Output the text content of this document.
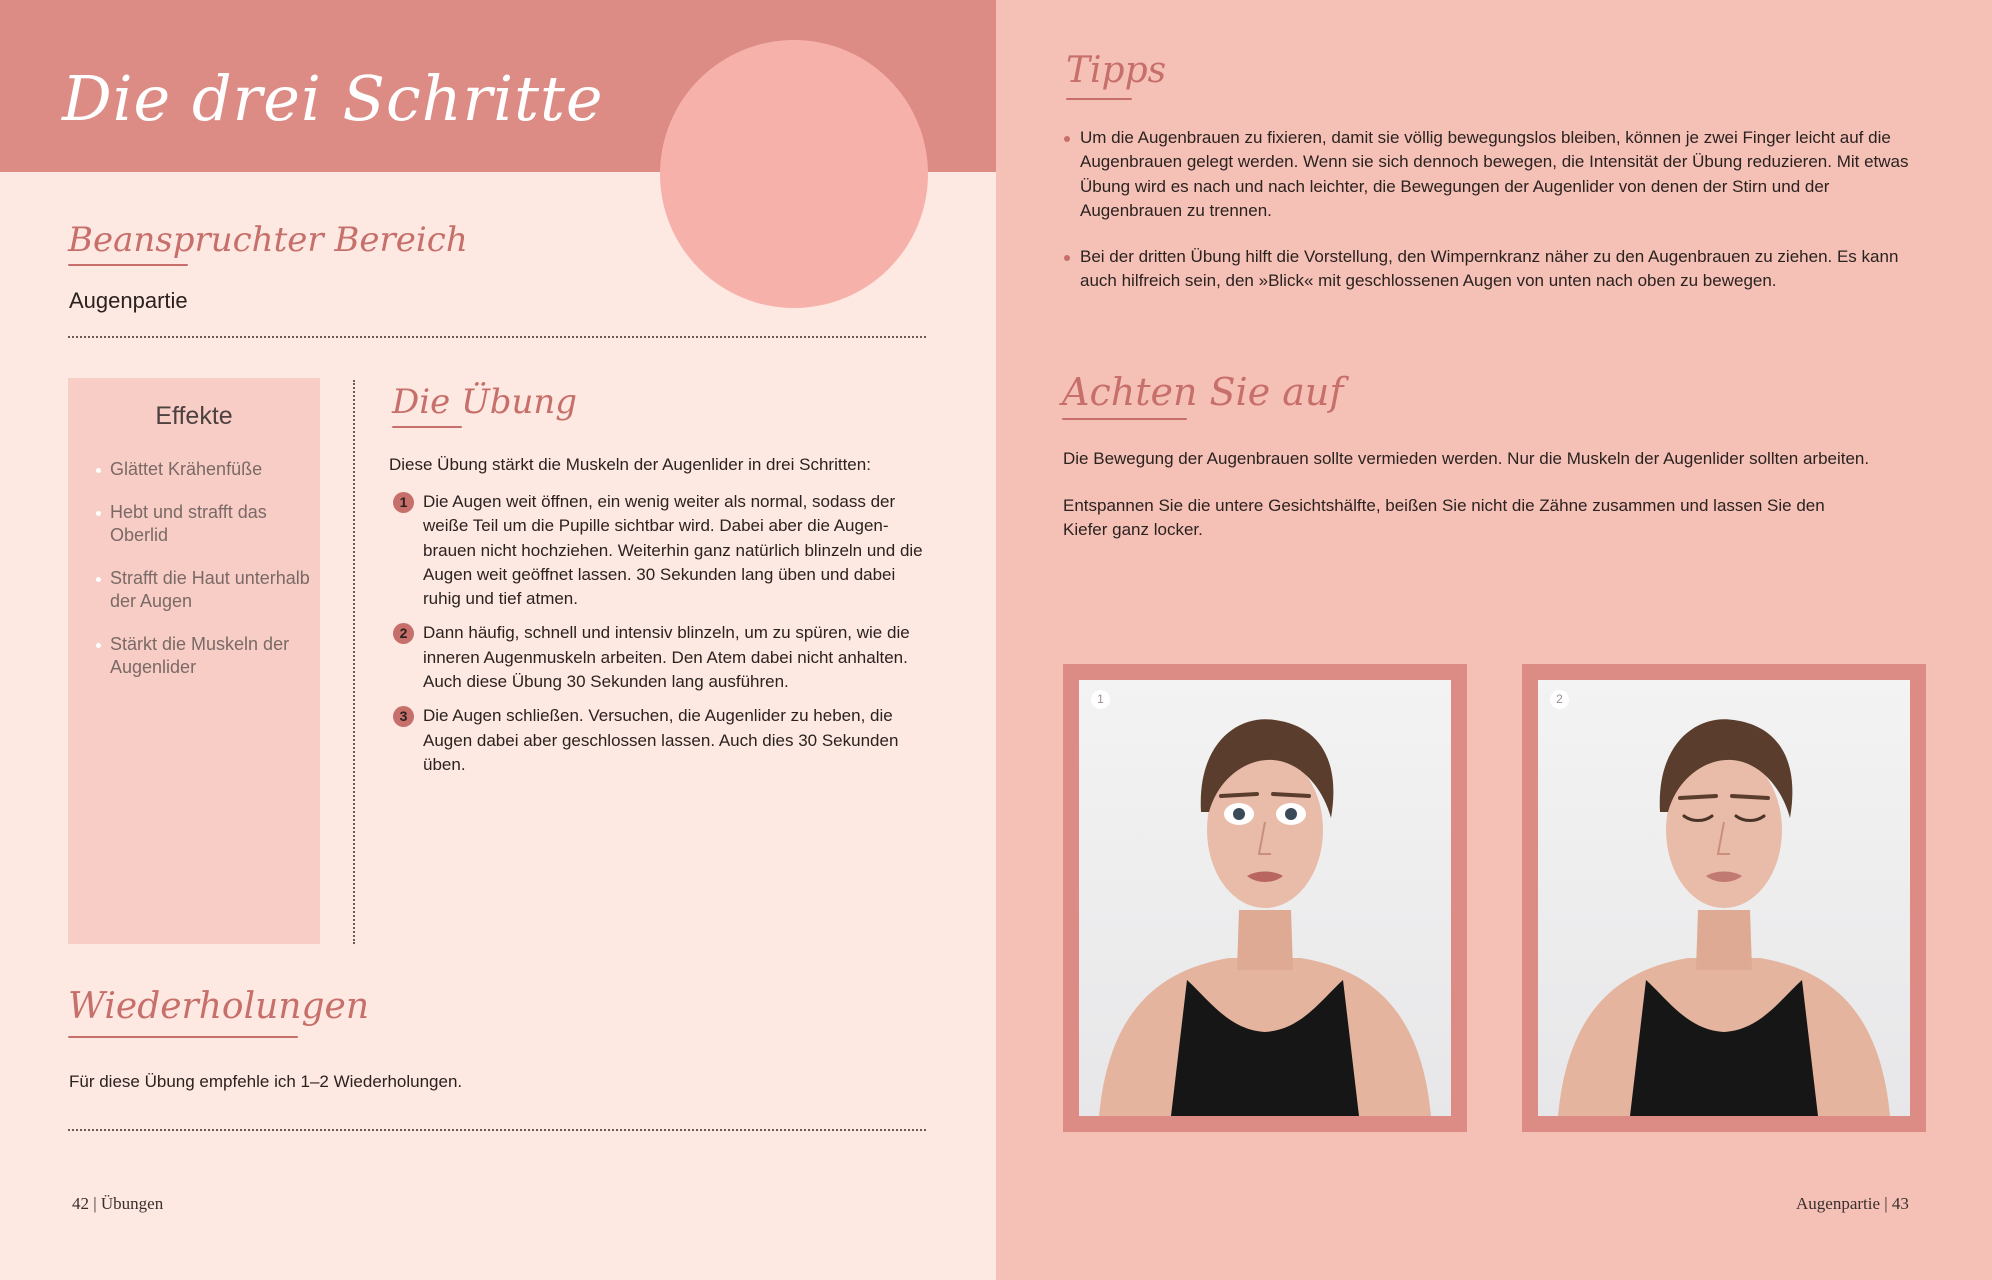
Die drei Schritte
Beanspruchter Bereich
Augenpartie
Effekte
Glättet Krähenfüße
Hebt und strafft das Oberlid
Strafft die Haut unterhalb der Augen
Stärkt die Muskeln der Augenlider
Die Übung
Diese Übung stärkt die Muskeln der Augenlider in drei Schritten:
1 Die Augen weit öffnen, ein wenig weiter als normal, sodass der weiße Teil um die Pupille sichtbar wird. Dabei aber die Augenbrauen nicht hochziehen. Weiterhin ganz natürlich blinzeln und die Augen weit geöffnet lassen. 30 Sekunden lang üben und dabei ruhig und tief atmen.
2 Dann häufig, schnell und intensiv blinzeln, um zu spüren, wie die inneren Augenmuskeln arbeiten. Den Atem dabei nicht anhalten. Auch diese Übung 30 Sekunden lang ausführen.
3 Die Augen schließen. Versuchen, die Augenlider zu heben, die Augen dabei aber geschlossen lassen. Auch dies 30 Sekunden üben.
Wiederholungen
Für diese Übung empfehle ich 1–2 Wiederholungen.
42 | Übungen
Tipps
Um die Augenbrauen zu fixieren, damit sie völlig bewegungslos bleiben, können je zwei Finger leicht auf die Augenbrauen gelegt werden. Wenn sie sich dennoch bewegen, die Intensität der Übung reduzieren. Mit etwas Übung wird es nach und nach leichter, die Bewegungen der Augenlider von denen der Stirn und der Augenbrauen zu trennen.
Bei der dritten Übung hilft die Vorstellung, den Wimpernkranz näher zu den Augenbrauen zu ziehen. Es kann auch hilfreich sein, den »Blick« mit geschlossenen Augen von unten nach oben zu bewegen.
Achten Sie auf
Die Bewegung der Augenbrauen sollte vermieden werden. Nur die Muskeln der Augenlider sollten arbeiten.
Entspannen Sie die untere Gesichtshälfte, beißen Sie nicht die Zähne zusammen und lassen Sie den Kiefer ganz locker.
1	2
Augenpartie | 43
